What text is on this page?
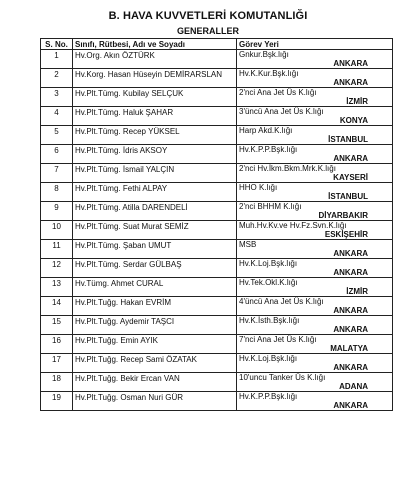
B. HAVA KUVVETLERİ KOMUTANLIĞI
GENERALLER
S. No.	Sınıfı, Rütbesi, Adı ve Soyadı	Görev Yeri
1	Hv.Org. Akın ÖZTÜRK	Gnkur.Bşk.lığı
		ANKARA
2	Hv.Korg. Hasan Hüseyin DEMİRARSLAN	Hv.K.Kur.Bşk.lığı
		ANKARA
3	Hv.Plt.Tümg. Kubilay SELÇUK	2'nci Ana Jet Üs K.lığı
		İZMİR
4	Hv.Plt.Tümg. Haluk ŞAHAR	3'üncü Ana Jet Üs K.lığı
		KONYA
5	Hv.Plt.Tümg. Recep YÜKSEL	Harp Akd.K.lığı
		İSTANBUL
6	Hv.Plt.Tümg. İdris AKSOY	Hv.K.P.P.Bşk.lığı
		ANKARA
7	Hv.Plt.Tümg. İsmail YALÇIN	2'nci Hv.İkm.Bkm.Mrk.K.lığı
		KAYSERİ
8	Hv.Plt.Tümg. Fethi ALPAY	HHO K.lığı
		İSTANBUL
9	Hv.Plt.Tümg. Atilla DARENDELİ	2'nci BHHM K.lığı
		DİYARBAKIR
10	Hv.Plt.Tümg. Suat Murat SEMİZ	Muh.Hv.Kv.ve Hv.Fz.Svn.K.lığı
		ESKİŞEHİR
11	Hv.Plt.Tümg. Şaban UMUT	MSB
		ANKARA
12	Hv.Plt.Tümg. Serdar GÜLBAŞ	Hv.K.Loj.Bşk.lığı
		ANKARA
13	Hv.Tümg. Ahmet CURAL	Hv.Tek.Okl.K.lığı
		İZMİR
14	Hv.Plt.Tuğg. Hakan EVRİM	4'üncü Ana Jet Üs K.lığı
		ANKARA
15	Hv.Plt.Tuğg. Aydemir TAŞCI	Hv.K.İsth.Bşk.lığı
		ANKARA
16	Hv.Plt.Tuğg. Emin AYIK	7'nci Ana Jet Üs K.lığı
		MALATYA
17	Hv.Plt.Tuğg. Recep Sami ÖZATAK	Hv.K.Loj.Bşk.lığı
		ANKARA
18	Hv.Plt.Tuğg. Bekir Ercan VAN	10'uncu Tanker Üs K.lığı
		ADANA
19	Hv.Plt.Tuğg. Osman Nuri GÜR	Hv.K.P.P.Bşk.lığı
		ANKARA
